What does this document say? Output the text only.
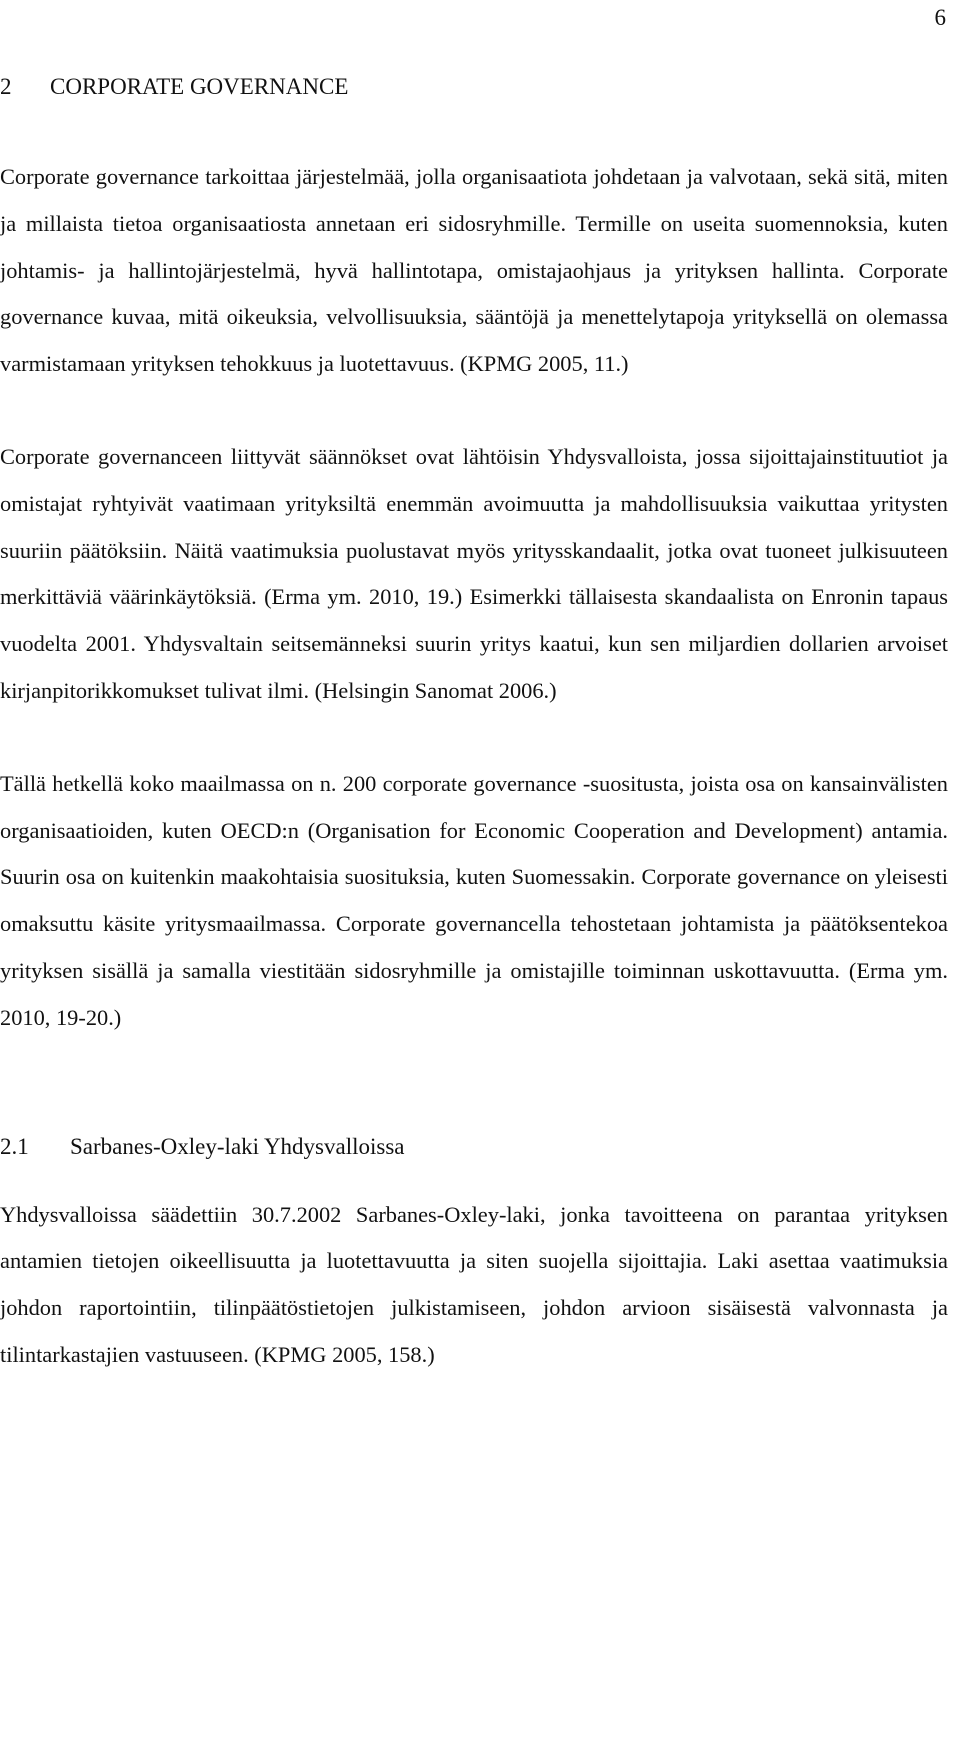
6
2 CORPORATE GOVERNANCE

Corporate governance tarkoittaa järjestelmää, jolla organisaatiota johdetaan ja valvotaan, sekä sitä, miten ja millaista tietoa organisaatiosta annetaan eri sidosryhmille. Termille on useita suomennoksia, kuten johtamis- ja hallintojärjestelmä, hyvä hallintotapa, omistajaohjaus ja yrityksen hallinta. Corporate governance kuvaa, mitä oikeuksia, velvollisuuksia, sääntöjä ja menettelytapoja yrityksellä on olemassa varmistamaan yrityksen tehokkuus ja luotettavuus. (KPMG 2005, 11.)

Corporate governanceen liittyvät säännökset ovat lähtöisin Yhdysvalloista, jossa sijoittajainstituutiot ja omistajat ryhtyivät vaatimaan yrityksiltä enemmän avoimuutta ja mahdollisuuksia vaikuttaa yritysten suuriin päätöksiin. Näitä vaatimuksia puolustavat myös yritysskandaalit, jotka ovat tuoneet julkisuuteen merkittäviä väärinkäytöksiä. (Erma ym. 2010, 19.) Esimerkki tällaisesta skandaalista on Enronin tapaus vuodelta 2001. Yhdysvaltain seitsemänneksi suurin yritys kaatui, kun sen miljardien dollarien arvoiset kirjanpitorikkomukset tulivat ilmi. (Helsingin Sanomat 2006.)

Tällä hetkellä koko maailmassa on n. 200 corporate governance -suositusta, joista osa on kansainvälisten organisaatioiden, kuten OECD:n (Organisation for Economic Cooperation and Development) antamia. Suurin osa on kuitenkin maakohtaisia suosituksia, kuten Suomessakin. Corporate governance on yleisesti omaksuttu käsite yritysmaailmassa. Corporate governancella tehostetaan johtamista ja päätöksentekoa yrityksen sisällä ja samalla viestitään sidosryhmille ja omistajille toiminnan uskottavuutta. (Erma ym. 2010, 19-20.)

2.1 Sarbanes-Oxley-laki Yhdysvalloissa

Yhdysvalloissa säädettiin 30.7.2002 Sarbanes-Oxley-laki, jonka tavoitteena on parantaa yrityksen antamien tietojen oikeellisuutta ja luotettavuutta ja siten suojella sijoittajia. Laki asettaa vaatimuksia johdon raportointiin, tilinpäätöstietojen julkistamiseen, johdon arvioon sisäisestä valvonnasta ja tilintarkastajien vastuuseen. (KPMG 2005, 158.)
